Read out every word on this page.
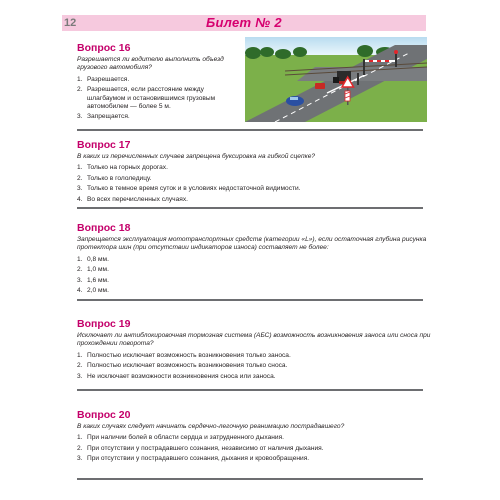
12	Билет № 2
Вопрос 16
Разрешается ли водителю выполнить объезд грузового автомобиля?
1. Разрешается.
2. Разрешается, если расстояние между шлагбаумом и остановившимся грузовым автомобилем — более 5 м.
3. Запрещается.
Вопрос 17
В каких из перечисленных случаев запрещена буксировка на гибкой сцепке?
1. Только на горных дорогах.
2. Только в гололедицу.
3. Только в темное время суток и в условиях недостаточной видимости.
4. Во всех перечисленных случаях.
Вопрос 18
Запрещается эксплуатация мототранспортных средств (категории «L»), если остаточная глубина рисунка протектора шин (при отсутствии индикаторов износа) составляет не более:
1. 0,8 мм.
2. 1,0 мм.
3. 1,6 мм.
4. 2,0 мм.
Вопрос 19
Исключает ли антиблокировочная тормозная система (АБС) возможность возникновения заноса или сноса при прохождении поворота?
1. Полностью исключает возможность возникновения только заноса.
2. Полностью исключает возможность возникновения только сноса.
3. Не исключает возможности возникновения сноса или заноса.
Вопрос 20
В каких случаях следует начинать сердечно-легочную реанимацию пострадавшего?
1. При наличии болей в области сердца и затрудненного дыхания.
2. При отсутствии у пострадавшего сознания, независимо от наличия дыхания.
3. При отсутствии у пострадавшего сознания, дыхания и кровообращения.
